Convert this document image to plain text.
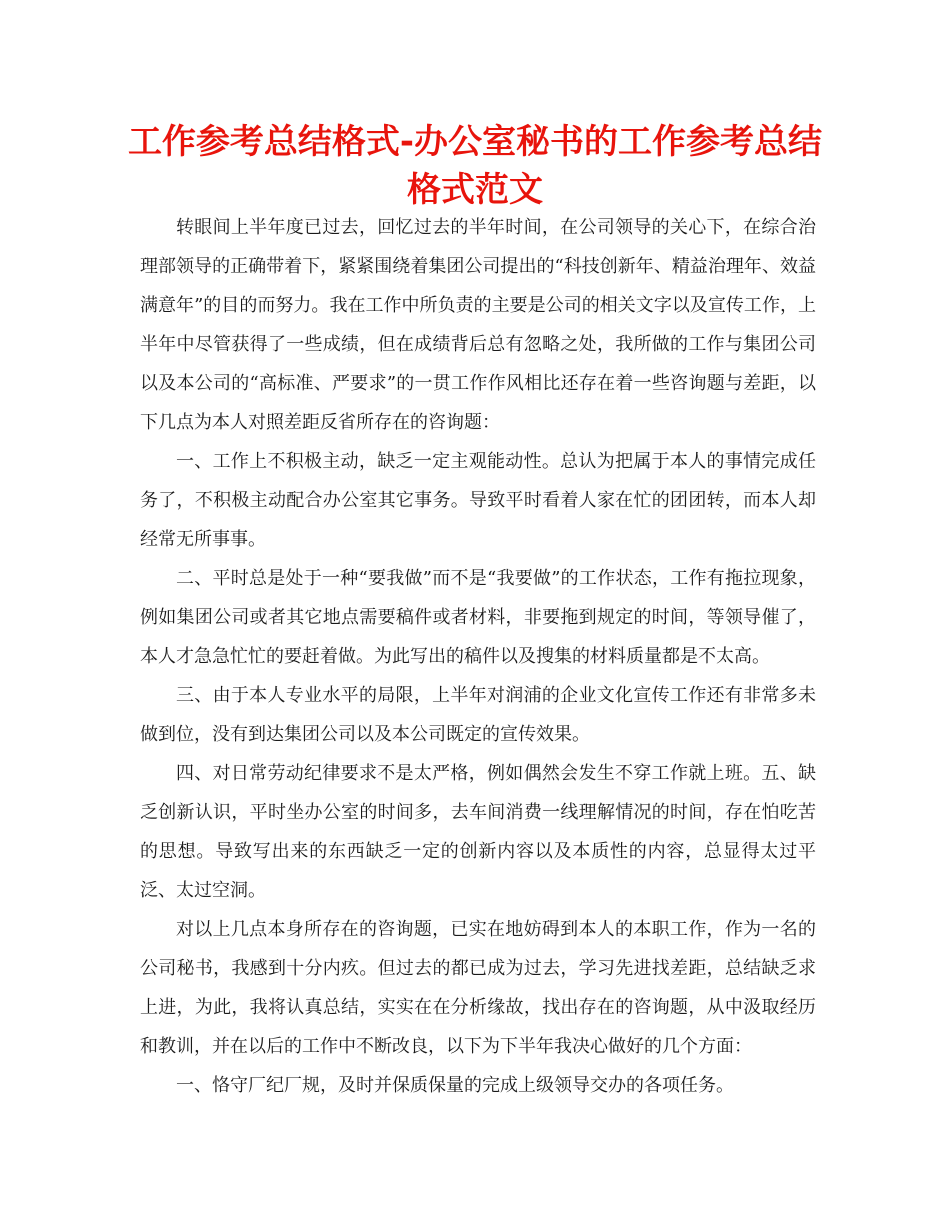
工作参考总结格式-办公室秘书的工作参考总结格式范文

转眼间上半年度已过去，回忆过去的半年时间，在公司领导的关心下，在综合治理部领导的正确带着下，紧紧围绕着集团公司提出的“科技创新年、精益治理年、效益满意年”的目的而努力。我在工作中所负责的主要是公司的相关文字以及宣传工作，上半年中尽管获得了一些成绩，但在成绩背后总有忽略之处，我所做的工作与集团公司以及本公司的“高标准、严要求”的一贯工作作风相比还存在着一些咨询题与差距，以下几点为本人对照差距反省所存在的咨询题：

一、工作上不积极主动，缺乏一定主观能动性。总认为把属于本人的事情完成任务了，不积极主动配合办公室其它事务。导致平时看着人家在忙的团团转，而本人却经常无所事事。

二、平时总是处于一种“要我做”而不是“我要做”的工作状态，工作有拖拉现象，例如集团公司或者其它地点需要稿件或者材料，非要拖到规定的时间，等领导催了，本人才急急忙忙的要赶着做。为此写出的稿件以及搜集的材料质量都是不太高。

三、由于本人专业水平的局限，上半年对润浦的企业文化宣传工作还有非常多未做到位，没有到达集团公司以及本公司既定的宣传效果。

四、对日常劳动纪律要求不是太严格，例如偶然会发生不穿工作就上班。五、缺乏创新认识，平时坐办公室的时间多，去车间消费一线理解情况的时间，存在怕吃苦的思想。导致写出来的东西缺乏一定的创新内容以及本质性的内容，总显得太过平泛、太过空洞。

对以上几点本身所存在的咨询题，已实在地妨碍到本人的本职工作，作为一名的公司秘书，我感到十分内疚。但过去的都已成为过去，学习先进找差距，总结缺乏求上进，为此，我将认真总结，实实在在分析缘故，找出存在的咨询题，从中汲取经历和教训，并在以后的工作中不断改良，以下为下半年我决心做好的几个方面：

一、恪守厂纪厂规，及时并保质保量的完成上级领导交办的各项任务。
